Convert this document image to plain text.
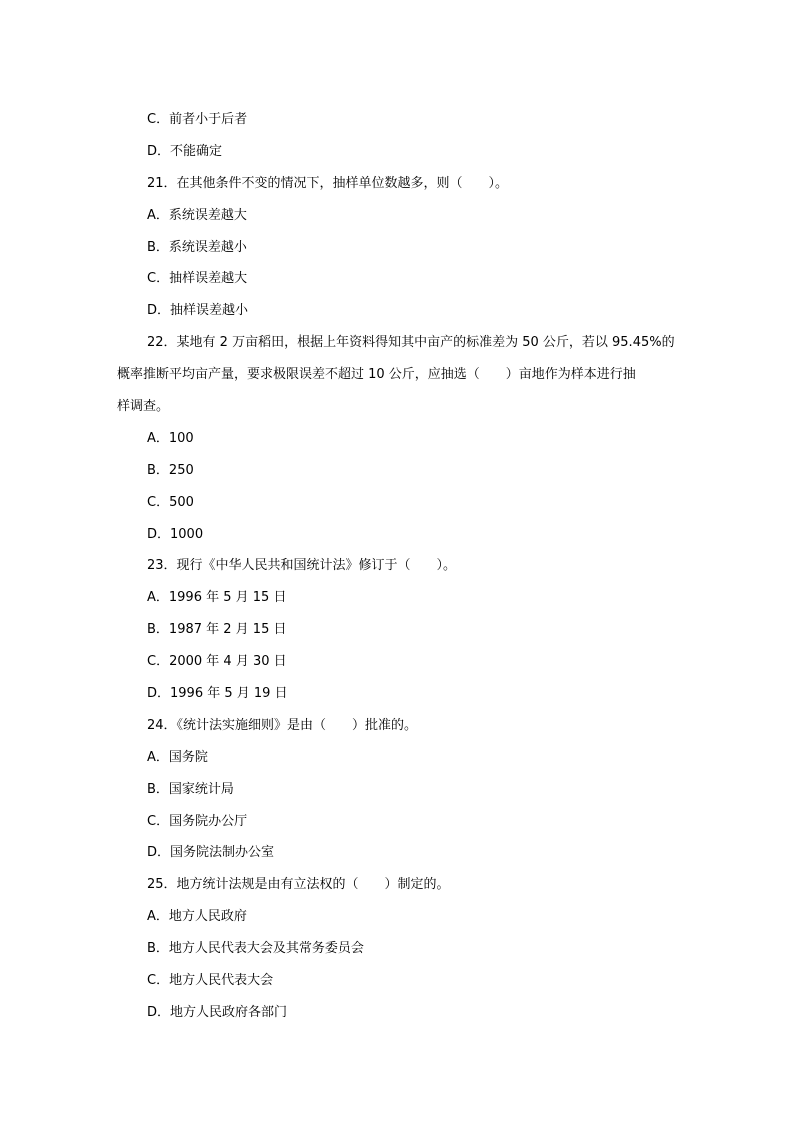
C．前者小于后者
D．不能确定
21．在其他条件不变的情况下，抽样单位数越多，则（　　）。
A．系统误差越大
B．系统误差越小
C．抽样误差越大
D．抽样误差越小
22．某地有 2 万亩稻田，根据上年资料得知其中亩产的标准差为 50 公斤，若以 95.45%的
概率推断平均亩产量，要求极限误差不超过 10 公斤，应抽选（　　）亩地作为样本进行抽
样调查。
A．100
B．250
C．500
D．1000
23．现行《中华人民共和国统计法》修订于（　　）。
A．1996 年 5 月 15 日
B．1987 年 2 月 15 日
C．2000 年 4 月 30 日
D．1996 年 5 月 19 日
24．《统计法实施细则》是由（　　）批准的。
A．国务院
B．国家统计局
C．国务院办公厅
D．国务院法制办公室
25．地方统计法规是由有立法权的（　　）制定的。
A．地方人民政府
B．地方人民代表大会及其常务委员会
C．地方人民代表大会
D．地方人民政府各部门
